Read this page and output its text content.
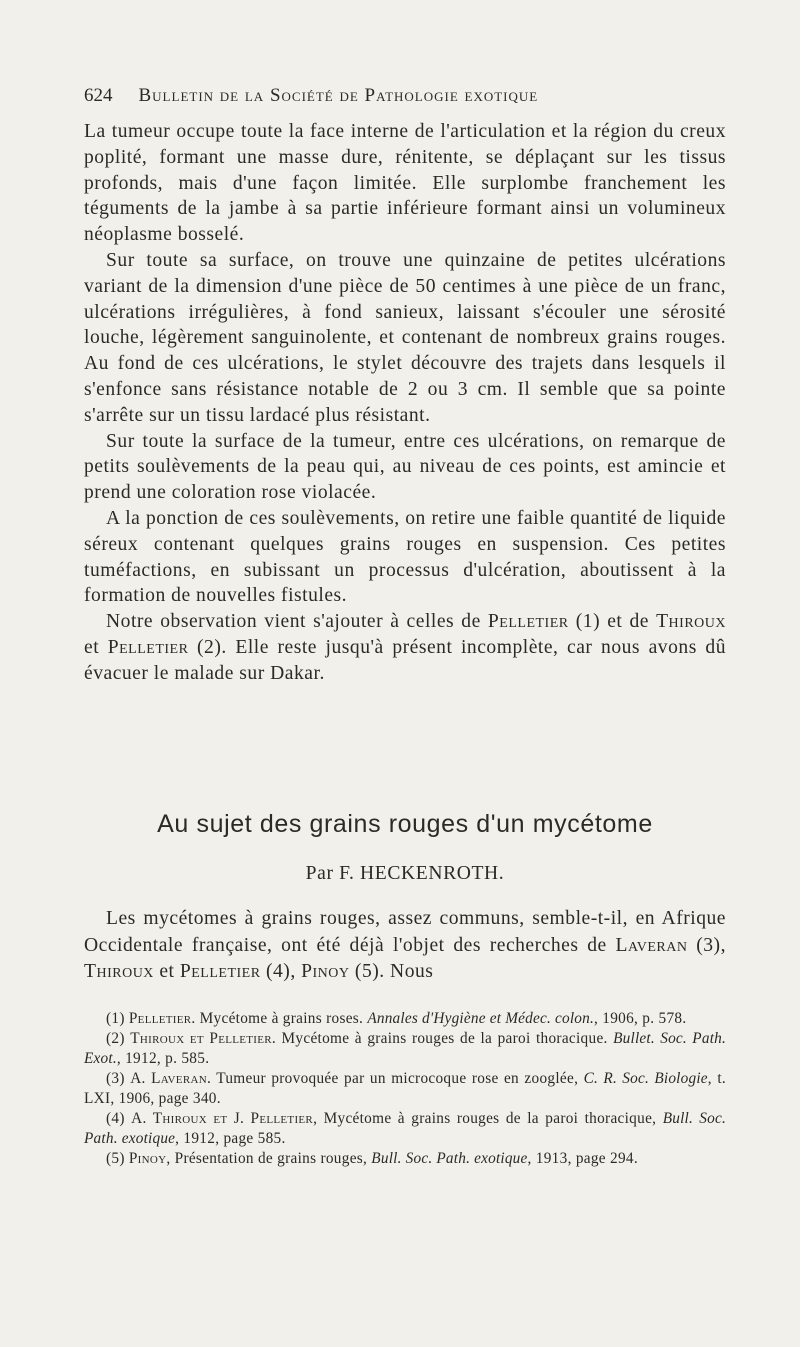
624 Bulletin de la Société de Pathologie exotique

La tumeur occupe toute la face interne de l'articulation et la région du creux poplité, formant une masse dure, rénitente, se déplaçant sur les tissus profonds, mais d'une façon limitée. Elle surplombe franchement les téguments de la jambe à sa partie inférieure formant ainsi un volumineux néoplasme bosselé.

Sur toute sa surface, on trouve une quinzaine de petites ulcérations variant de la dimension d'une pièce de 50 centimes à une pièce de un franc, ulcérations irrégulières, à fond sanieux, laissant s'écouler une sérosité louche, légèrement sanguinolente, et contenant de nombreux grains rouges. Au fond de ces ulcérations, le stylet découvre des trajets dans lesquels il s'enfonce sans résistance notable de 2 ou 3 cm. Il semble que sa pointe s'arrête sur un tissu lardacé plus résistant.

Sur toute la surface de la tumeur, entre ces ulcérations, on remarque de petits soulèvements de la peau qui, au niveau de ces points, est amincie et prend une coloration rose violacée.

A la ponction de ces soulèvements, on retire une faible quantité de liquide séreux contenant quelques grains rouges en suspension. Ces petites tuméfactions, en subissant un processus d'ulcération, aboutissent à la formation de nouvelles fistules.

Notre observation vient s'ajouter à celles de Pelletier (1) et de Thiroux et Pelletier (2). Elle reste jusqu'à présent incomplète, car nous avons dû évacuer le malade sur Dakar.

Au sujet des grains rouges d'un mycétome
Par F. HECKENROTH.

Les mycétomes à grains rouges, assez communs, semble-t-il, en Afrique Occidentale française, ont été déjà l'objet des recherches de Laveran (3), Thiroux et Pelletier (4), Pinoy (5). Nous

(1) Pelletier. Mycétome à grains roses. Annales d'Hygiène et Médec. colon., 1906, p. 578.

(2) Thiroux et Pelletier. Mycétome à grains rouges de la paroi thoracique. Bullet. Soc. Path. Exot., 1912, p. 585.

(3) A. Laveran. Tumeur provoquée par un microcoque rose en zooglée, C. R. Soc. Biologie, t. LXI, 1906, page 340.

(4) A. Thiroux et J. Pelletier, Mycétome à grains rouges de la paroi thoracique, Bull. Soc. Path. exotique, 1912, page 585.

(5) Pinoy, Présentation de grains rouges, Bull. Soc. Path. exotique, 1913, page 294.
